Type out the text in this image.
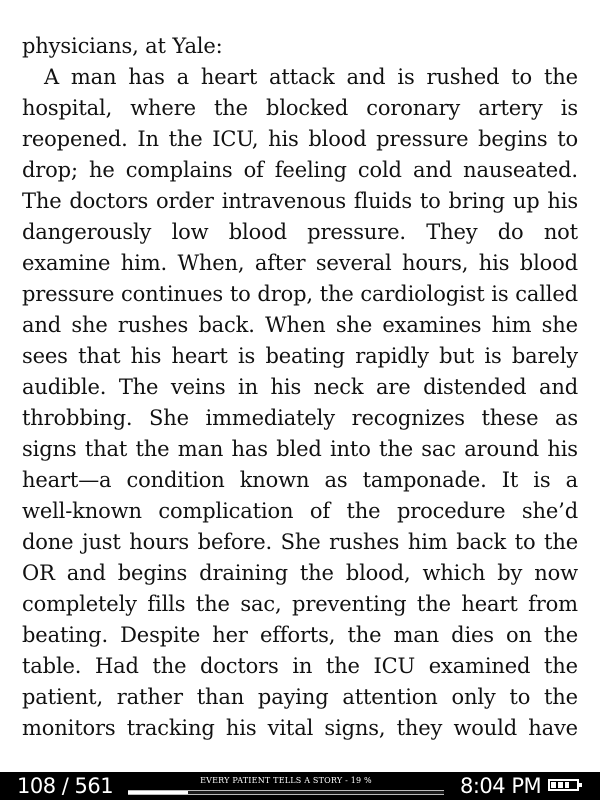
physicians, at Yale:
A man has a heart attack and is rushed to the
hospital, where the blocked coronary artery is
reopened. In the ICU, his blood pressure begins to
drop; he complains of feeling cold and nauseated.
The doctors order intravenous fluids to bring up his
dangerously low blood pressure. They do not
examine him. When, after several hours, his blood
pressure continues to drop, the cardiologist is called
and she rushes back. When she examines him she
sees that his heart is beating rapidly but is barely
audible. The veins in his neck are distended and
throbbing. She immediately recognizes these as
signs that the man has bled into the sac around his
heart—a condition known as tamponade. It is a
well-known complication of the procedure she’d
done just hours before. She rushes him back to the
OR and begins draining the blood, which by now
completely fills the sac, preventing the heart from
beating. Despite her efforts, the man dies on the
table. Had the doctors in the ICU examined the
patient, rather than paying attention only to the
monitors tracking his vital signs, they would have
108 / 561	EVERY PATIENT TELLS A STORY - 19 %	8:04 PM
